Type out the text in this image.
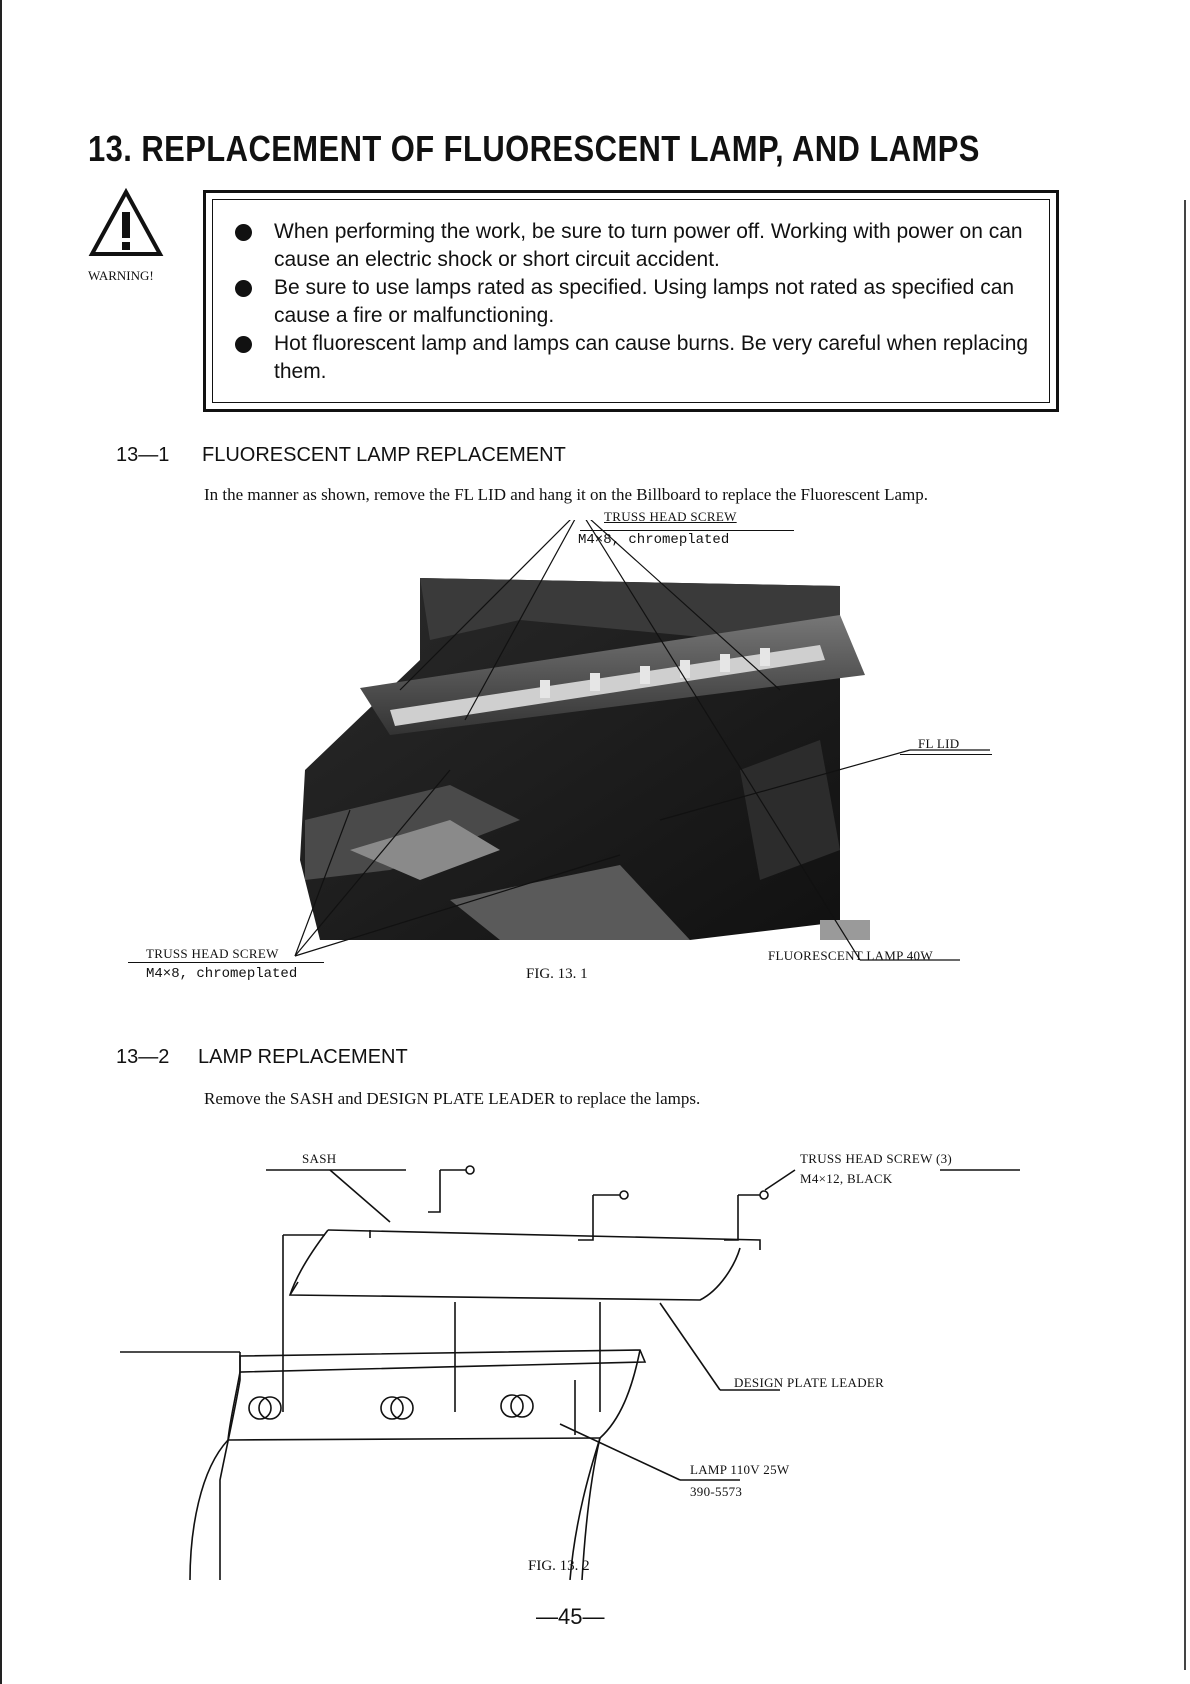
13. REPLACEMENT OF FLUORESCENT LAMP, AND LAMPS
WARNING!
When performing the work, be sure to turn power off. Working with power on can cause an electric shock or short circuit accident.
Be sure to use lamps rated as specified. Using lamps not rated as specified can cause a fire or malfunctioning.
Hot fluorescent lamp and lamps can cause burns. Be very careful when replacing them.
13—1 FLUORESCENT LAMP REPLACEMENT
In the manner as shown, remove the FL LID and hang it on the Billboard to replace the Fluorescent Lamp.
TRUSS HEAD SCREW
M4×8, chromeplated
FL LID
TRUSS HEAD SCREW
M4×8, chromeplated
FLUORESCENT LAMP 40W
FIG. 13. 1
13—2 LAMP REPLACEMENT
Remove the SASH and DESIGN PLATE LEADER to replace the lamps.
SASH	TRUSS HEAD SCREW (3)
M4×12, BLACK
DESIGN PLATE LEADER
LAMP 110V 25W
390-5573
FIG. 13. 2
—45—
